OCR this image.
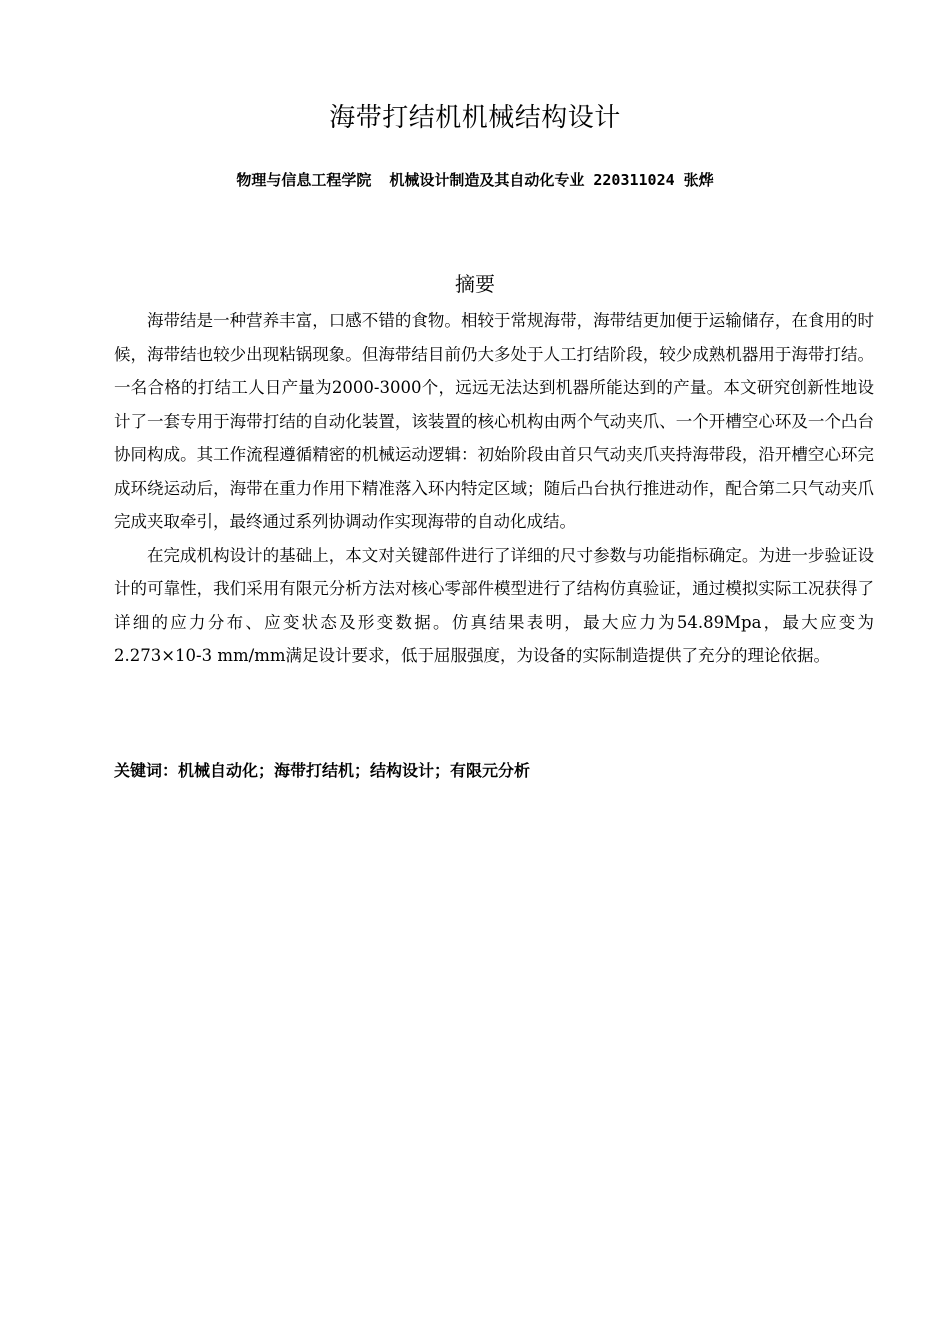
海带打结机机械结构设计
物理与信息工程学院 机械设计制造及其自动化专业 220311024 张烨
摘要

海带结是一种营养丰富，口感不错的食物。相较于常规海带，海带结更加便于运输储存，在食用的时候，海带结也较少出现粘锅现象。但海带结目前仍大多处于人工打结阶段，较少成熟机器用于海带打结。一名合格的打结工人日产量为2000-3000个，远远无法达到机器所能达到的产量。本文研究创新性地设计了一套专用于海带打结的自动化装置，该装置的核心机构由两个气动夹爪、一个开槽空心环及一个凸台协同构成。其工作流程遵循精密的机械运动逻辑：初始阶段由首只气动夹爪夹持海带段，沿开槽空心环完成环绕运动后，海带在重力作用下精准落入环内特定区域；随后凸台执行推进动作，配合第二只气动夹爪完成夹取牵引，最终通过系列协调动作实现海带的自动化成结。

在完成机构设计的基础上，本文对关键部件进行了详细的尺寸参数与功能指标确定。为进一步验证设计的可靠性，我们采用有限元分析方法对核心零部件模型进行了结构仿真验证，通过模拟实际工况获得了详细的应力分布、应变状态及形变数据。仿真结果表明，最大应力为54.89Mpa，最大应变为2.273×10-3 mm/mm满足设计要求，低于屈服强度，为设备的实际制造提供了充分的理论依据。

关键词：机械自动化；海带打结机；结构设计；有限元分析
